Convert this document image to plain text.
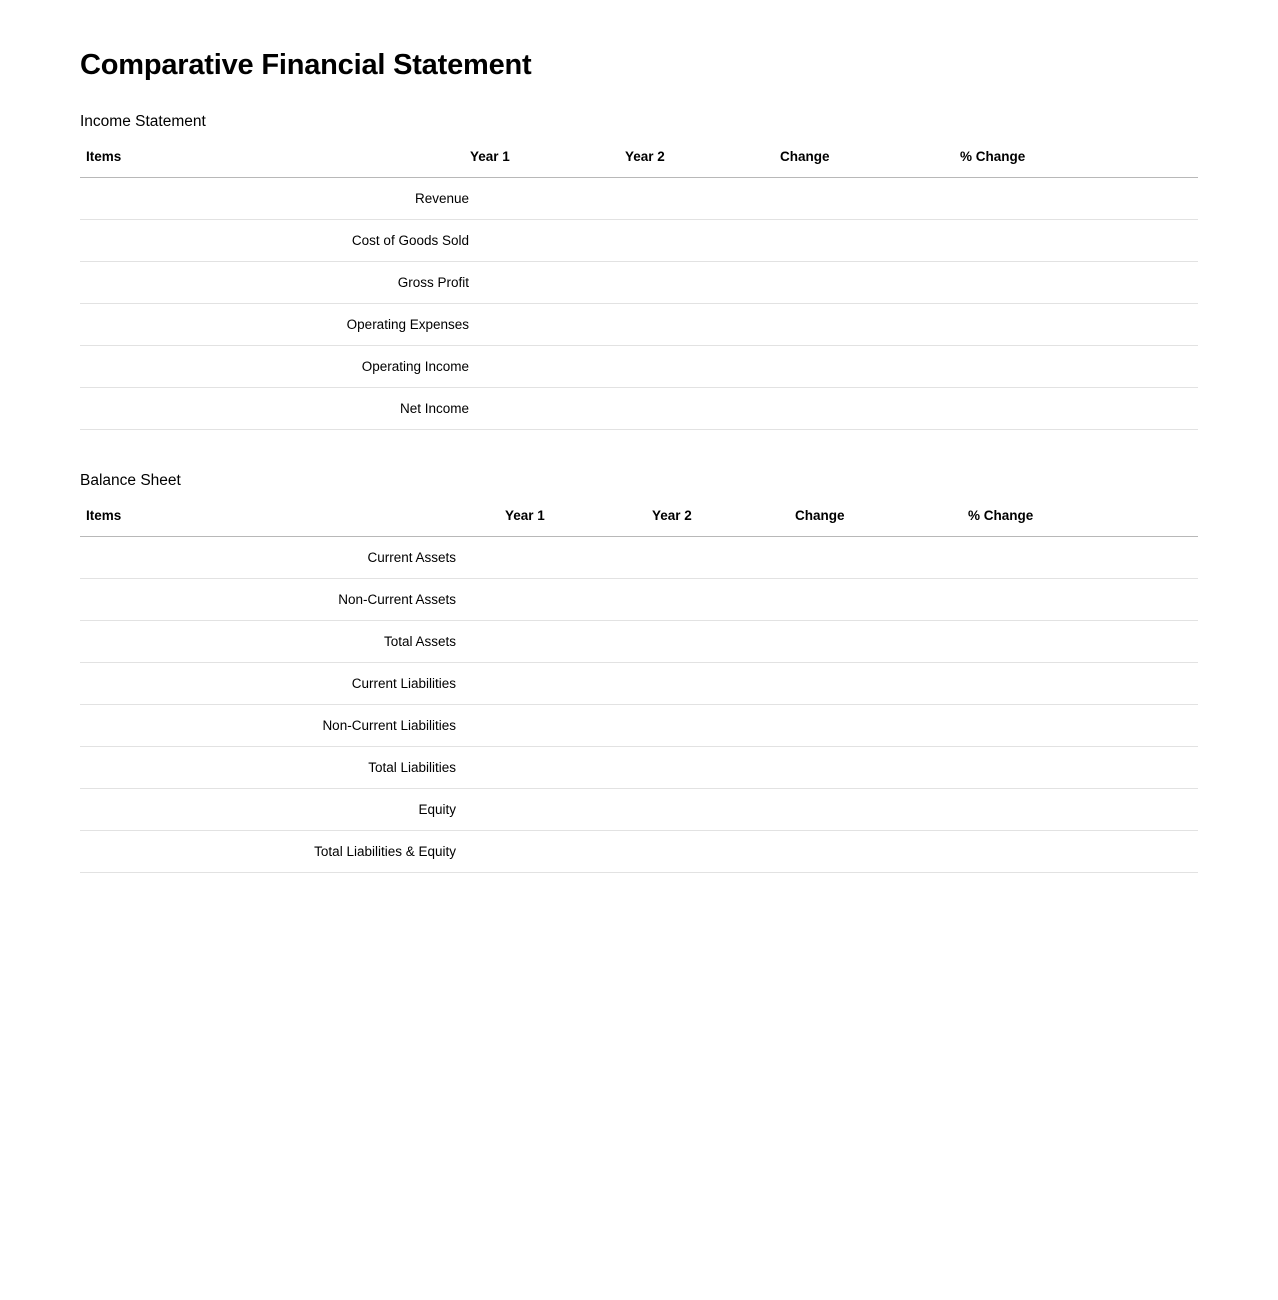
Comparative Financial Statement
Income Statement
Items	Year 1	Year 2	Change	% Change
Revenue				
Cost of Goods Sold				
Gross Profit				
Operating Expenses				
Operating Income				
Net Income				
Balance Sheet
Items	Year 1	Year 2	Change	% Change
Current Assets				
Non-Current Assets				
Total Assets				
Current Liabilities				
Non-Current Liabilities				
Total Liabilities				
Equity				
Total Liabilities & Equity				
